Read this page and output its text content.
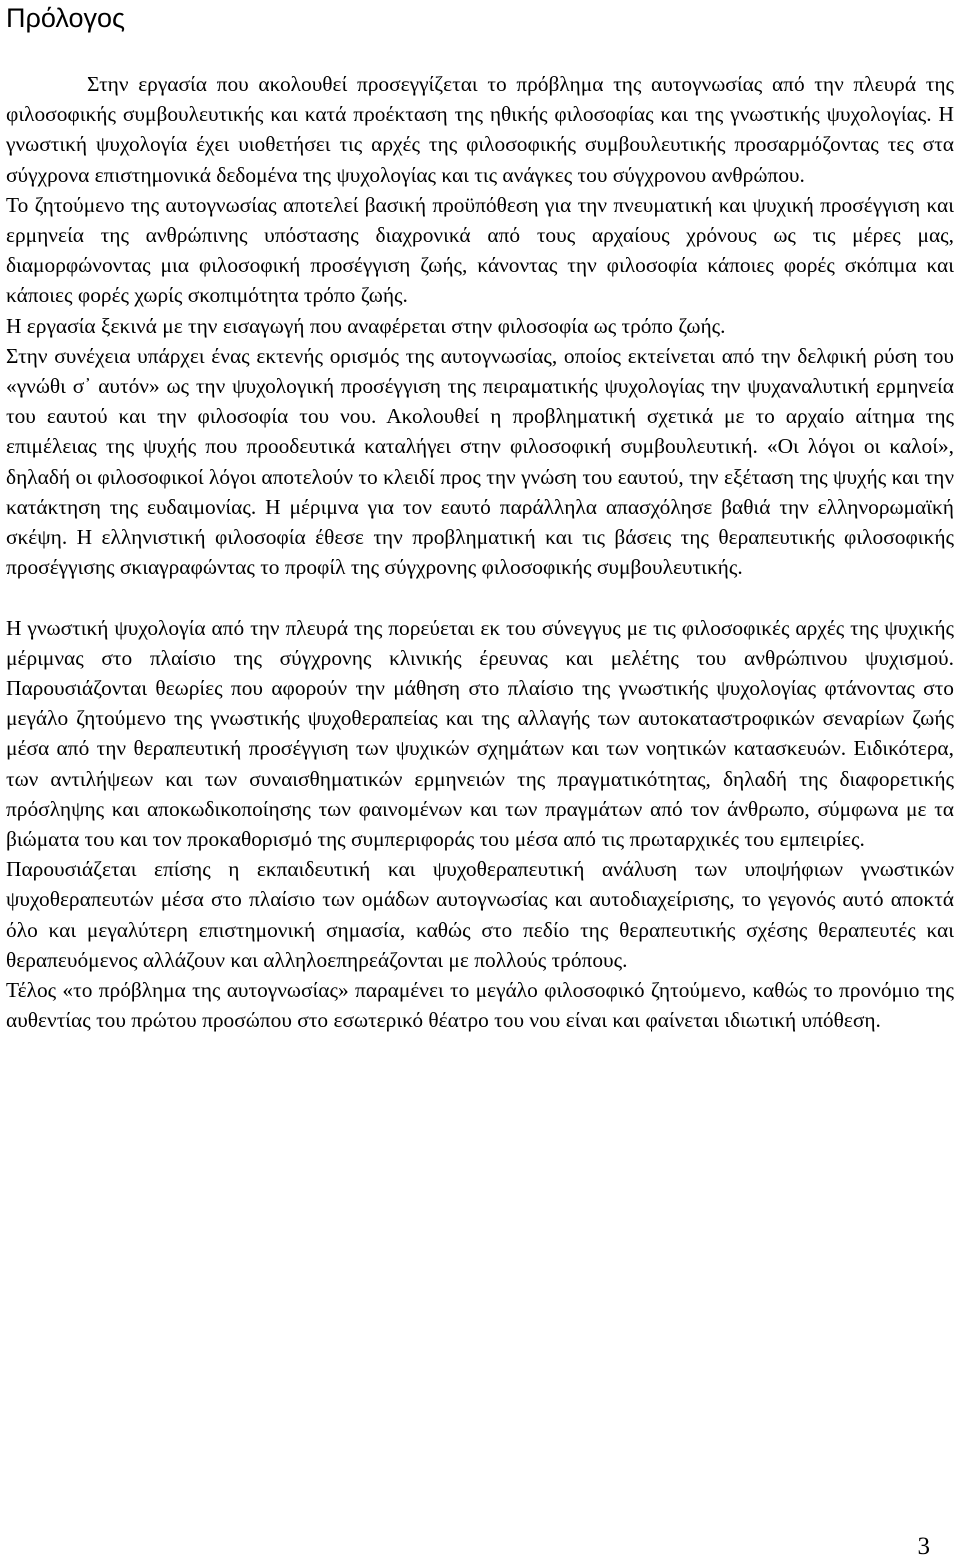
Πρόλογος

Στην εργασία που ακολουθεί προσεγγίζεται το πρόβλημα της αυτογνωσίας από την πλευρά της φιλοσοφικής συμβουλευτικής και κατά προέκταση της ηθικής φιλοσοφίας και της γνωστικής ψυχολογίας. Η γνωστική ψυχολογία έχει υιοθετήσει τις αρχές της φιλοσοφικής συμβουλευτικής προσαρμόζοντας τες στα σύγχρονα επιστημονικά δεδομένα της ψυχολογίας και τις ανάγκες του σύγχρονου ανθρώπου.

Το ζητούμενο της αυτογνωσίας αποτελεί βασική προϋπόθεση για την πνευματική και ψυχική προσέγγιση και ερμηνεία της ανθρώπινης υπόστασης διαχρονικά από τους αρχαίους χρόνους ως τις μέρες μας, διαμορφώνοντας μια φιλοσοφική προσέγγιση ζωής, κάνοντας την φιλοσοφία κάποιες φορές σκόπιμα και κάποιες φορές χωρίς σκοπιμότητα τρόπο ζωής.

Η εργασία ξεκινά με την εισαγωγή που αναφέρεται στην φιλοσοφία ως τρόπο ζωής.

Στην συνέχεια υπάρχει ένας εκτενής ορισμός της αυτογνωσίας, οποίος εκτείνεται από την δελφική ρύση του «γνώθι σ᾽ αυτόν» ως την ψυχολογική προσέγγιση της πειραματικής ψυχολογίας την ψυχαναλυτική ερμηνεία του εαυτού και την φιλοσοφία του νου. Ακολουθεί η προβληματική σχετικά με το αρχαίο αίτημα της επιμέλειας της ψυχής που προοδευτικά καταλήγει στην φιλοσοφική συμβουλευτική. «Οι λόγοι οι καλοί», δηλαδή οι φιλοσοφικοί λόγοι αποτελούν το κλειδί προς την γνώση του εαυτού, την εξέταση της ψυχής και την κατάκτηση της ευδαιμονίας. Η μέριμνα για τον εαυτό παράλληλα απασχόλησε βαθιά την ελληνορωμαϊκή σκέψη. Η ελληνιστική φιλοσοφία έθεσε την προβληματική και τις βάσεις της θεραπευτικής φιλοσοφικής προσέγγισης σκιαγραφώντας το προφίλ της σύγχρονης φιλοσοφικής συμβουλευτικής.

Η γνωστική ψυχολογία από την πλευρά της πορεύεται εκ του σύνεγγυς με τις φιλοσοφικές αρχές της ψυχικής μέριμνας στο πλαίσιο της σύγχρονης κλινικής έρευνας και μελέτης του ανθρώπινου ψυχισμού. Παρουσιάζονται θεωρίες που αφορούν την μάθηση στο πλαίσιο της γνωστικής ψυχολογίας φτάνοντας στο μεγάλο ζητούμενο της γνωστικής ψυχοθεραπείας και της αλλαγής των αυτοκαταστροφικών σεναρίων ζωής μέσα από την θεραπευτική προσέγγιση των ψυχικών σχημάτων και των νοητικών κατασκευών. Ειδικότερα, των αντιλήψεων και των συναισθηματικών ερμηνειών της πραγματικότητας, δηλαδή της διαφορετικής πρόσληψης και αποκωδικοποίησης των φαινομένων και των πραγμάτων από τον άνθρωπο, σύμφωνα με τα βιώματα του και τον προκαθορισμό της συμπεριφοράς του μέσα από τις πρωταρχικές του εμπειρίες.

Παρουσιάζεται επίσης η εκπαιδευτική και ψυχοθεραπευτική ανάλυση των υποψήφιων γνωστικών ψυχοθεραπευτών μέσα στο πλαίσιο των ομάδων αυτογνωσίας και αυτοδιαχείρισης, το γεγονός αυτό αποκτά όλο και μεγαλύτερη επιστημονική σημασία, καθώς στο πεδίο της θεραπευτικής σχέσης θεραπευτές και θεραπευόμενος αλλάζουν και αλληλοεπηρεάζονται με πολλούς τρόπους.

Τέλος «το πρόβλημα της αυτογνωσίας» παραμένει το μεγάλο φιλοσοφικό ζητούμενο, καθώς το προνόμιο της αυθεντίας του πρώτου προσώπου στο εσωτερικό θέατρο του νου είναι και φαίνεται ιδιωτική υπόθεση.

3
